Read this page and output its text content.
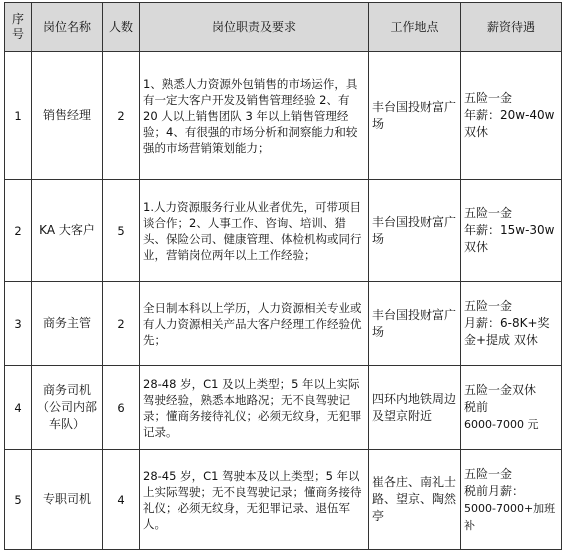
序号	岗位名称	人数	岗位职责及要求	工作地点	薪资待遇
1	销售经理	2	1、熟悉人力资源外包销售的市场运作，具有一定大客户开发及销售管理经验 2、有 20 人以上销售团队 3 年以上销售管理经验；4、有很强的市场分析和洞察能力和较强的市场营销策划能力；	丰台国投财富广场	五险一金
年薪：20w-40w
双休

2	KA 大客户	5	1.人力资源服务行业从业者优先，可带项目谈合作；2、人事工作、咨询、培训、猎头、保险公司、健康管理、体检机构或同行业，营销岗位两年以上工作经验；	丰台国投财富广场	五险一金
年薪：15w-30w
双休

3	商务主管	2	全日制本科以上学历，人力资源相关专业或有人力资源相关产品大客户经理工作经验优先；	丰台国投财富广场	五险一金
月薪：6-8K+奖金+提成 双休

4	商务司机（公司内部车队）	6	28-48 岁，C1 及以上类型；5 年以上实际驾驶经验，熟悉本地路况；无不良驾驶记录；懂商务接待礼仪；必须无纹身，无犯罪记录。	四环内地铁周边及望京附近	五险一金双休
税前
6000-7000 元

5	专职司机	4	28-45 岁，C1 驾驶本及以上类型；5 年以上实际驾驶；无不良驾驶记录；懂商务接待礼仪；必须无纹身，无犯罪记录、退伍军人。	崔各庄、南礼士路、望京、陶然亭	五险一金
税前月薪：
5000-7000+加班补
